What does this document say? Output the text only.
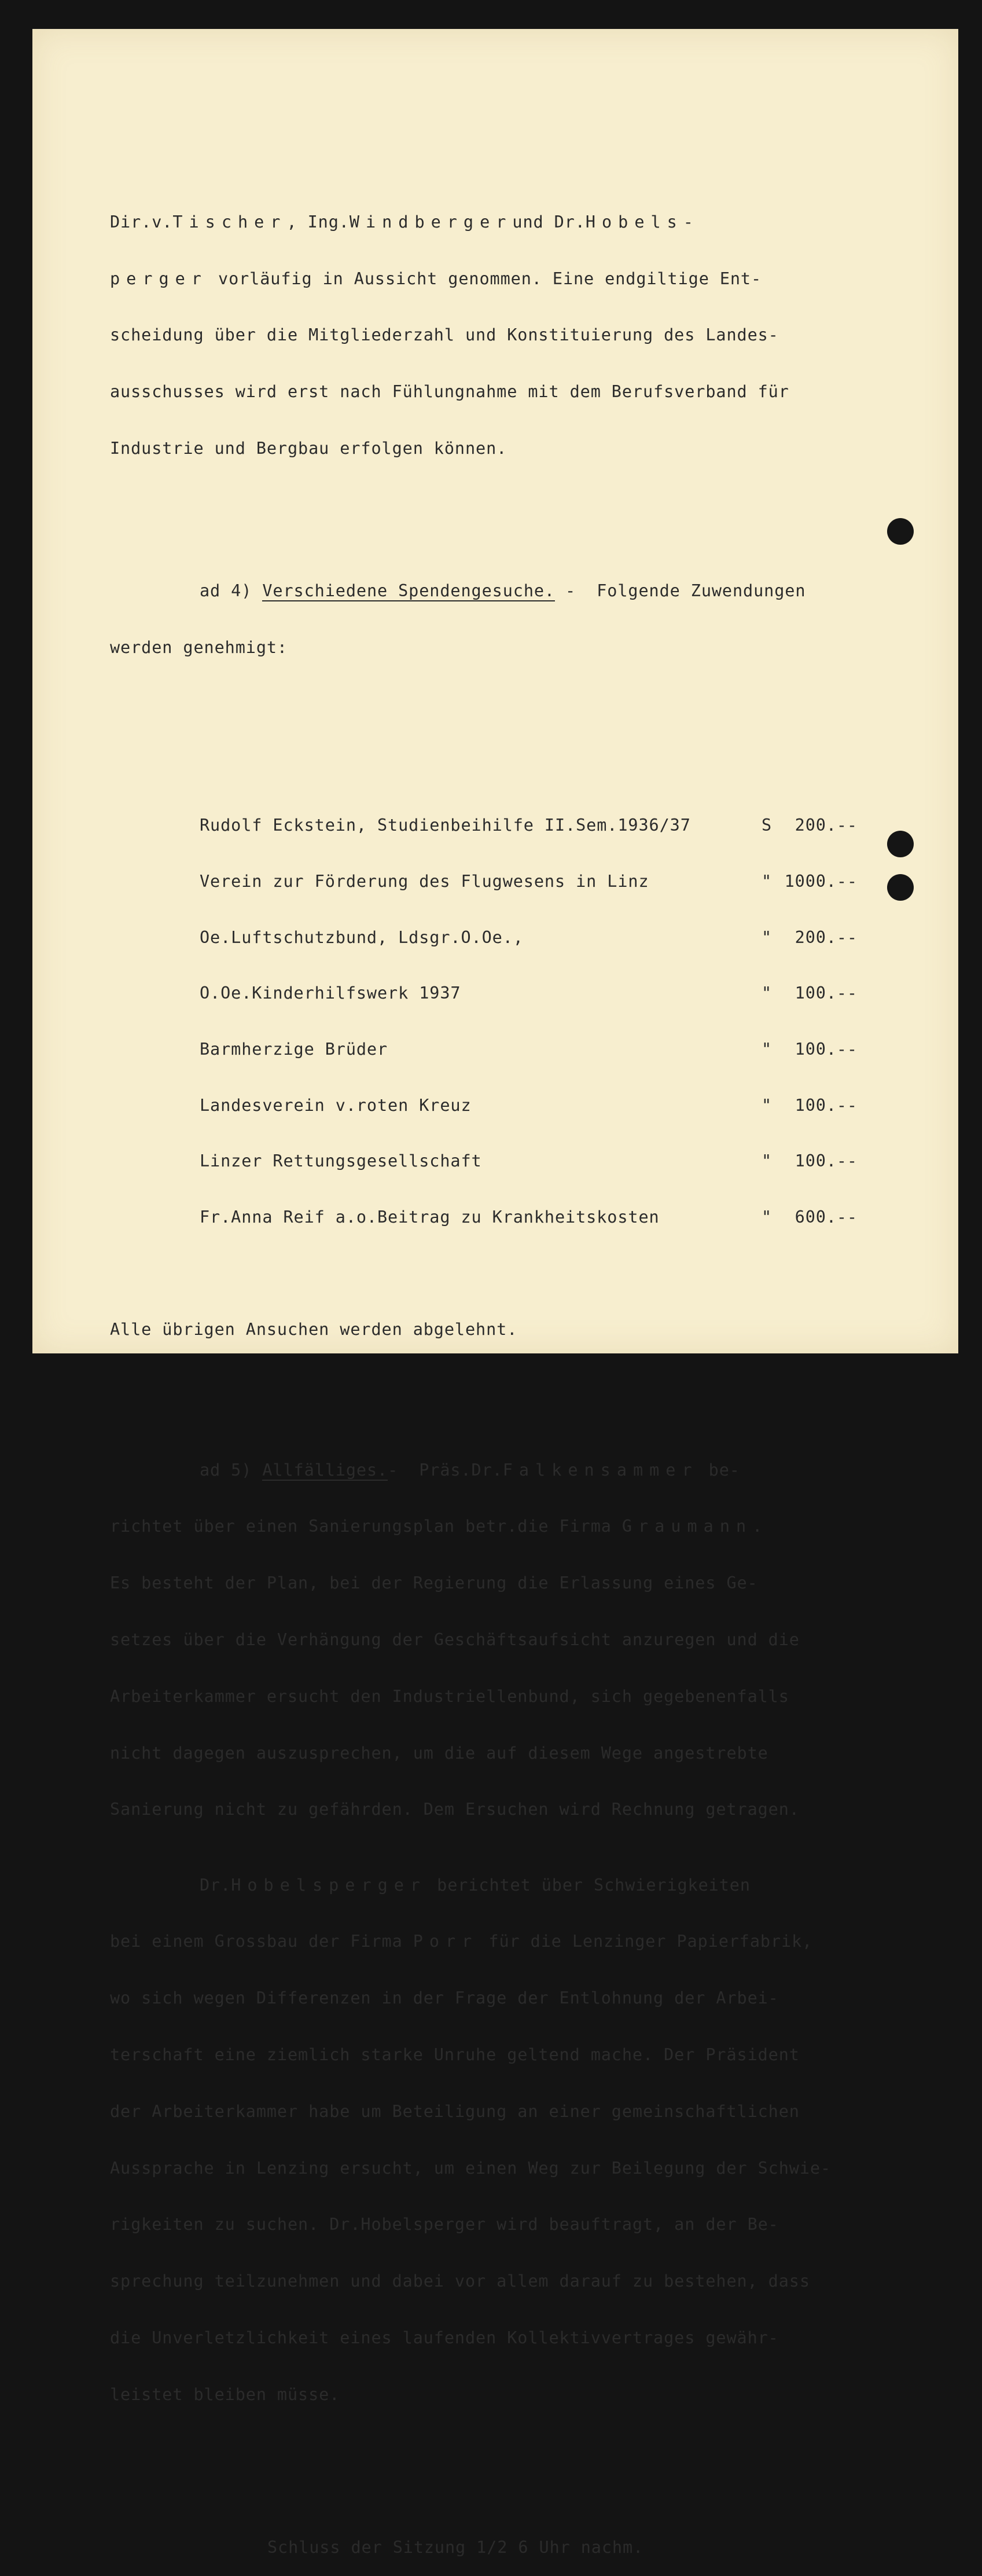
Dir.v.Tischer, Ing.Windbergerund Dr.Hobels-

perger vorläufig in Aussicht genommen. Eine endgiltige Ent-

scheidung über die Mitgliederzahl und Konstituierung des Landes-

ausschusses wird erst nach Fühlungnahme mit dem Berufsverband für

Industrie und Bergbau erfolgen können.

ad 4) Verschiedene Spendengesuche. -  Folgende Zuwendungen

werden genehmigt:

Rudolf Eckstein, Studienbeihilfe II.Sem.1936/37	S	200.--

Verein zur Förderung des Flugwesens in Linz	" 1000.--

Oe.Luftschutzbund, Ldsgr.O.Oe.,	"	200.--

O.Oe.Kinderhilfswerk 1937	"	100.--

Barmherzige Brüder	"	100.--

Landesverein v.roten Kreuz	"	100.--

Linzer Rettungsgesellschaft	"	100.--

Fr.Anna Reif a.o.Beitrag zu Krankheitskosten	"	600.--

Alle übrigen Ansuchen werden abgelehnt.

ad 5) Allfälliges.-  Präs.Dr.Falkensammer be-

richtet über einen Sanierungsplan betr.die Firma Graumann.

Es besteht der Plan, bei der Regierung die Erlassung eines Ge-

setzes über die Verhängung der Geschäftsaufsicht anzuregen und die

Arbeiterkammer ersucht den Industriellenbund, sich gegebenenfalls

nicht dagegen auszusprechen, um die auf diesem Wege angestrebte

Sanierung nicht zu gefährden. Dem Ersuchen wird Rechnung getragen.

Dr.Hobelsperger berichtet über Schwierigkeiten

bei einem Grossbau der Firma Porr für die Lenzinger Papierfabrik,

wo sich wegen Differenzen in der Frage der Entlohnung der Arbei-

terschaft eine ziemlich starke Unruhe geltend mache. Der Präsident

der Arbeiterkammer habe um Beteiligung an einer gemeinschaftlichen

Aussprache in Lenzing ersucht, um einen Weg zur Beilegung der Schwie-

rigkeiten zu suchen. Dr.Hobelsperger wird beauftragt, an der Be-

sprechung teilzunehmen und dabei vor allem darauf zu bestehen, dass

die Unverletzlichkeit eines laufenden Kollektivvertrages gewähr-

leistet bleiben müsse.

Schluss der Sitzung 1/2 6 Uhr nachm.
